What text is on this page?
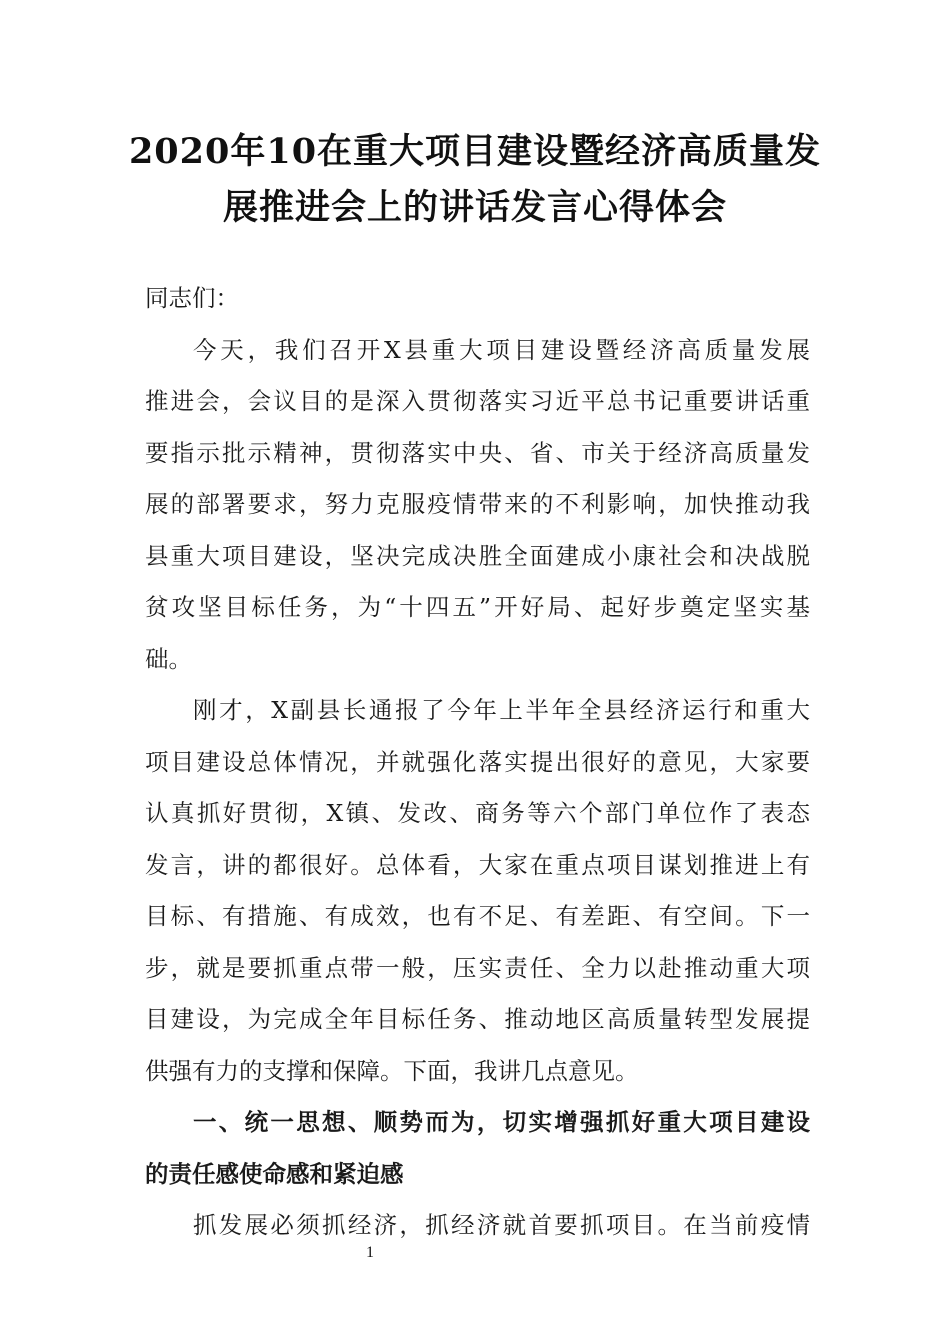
2020年10在重大项目建设暨经济高质量发
展推进会上的讲话发言心得体会
同志们：
今天，我们召开X县重大项目建设暨经济高质量发展
推进会，会议目的是深入贯彻落实习近平总书记重要讲话重
要指示批示精神，贯彻落实中央、省、市关于经济高质量发
展的部署要求，努力克服疫情带来的不利影响，加快推动我
县重大项目建设，坚决完成决胜全面建成小康社会和决战脱
贫攻坚目标任务，为“十四五”开好局、起好步奠定坚实基
础。
刚才，X副县长通报了今年上半年全县经济运行和重大
项目建设总体情况，并就强化落实提出很好的意见，大家要
认真抓好贯彻，X镇、发改、商务等六个部门单位作了表态
发言，讲的都很好。总体看，大家在重点项目谋划推进上有
目标、有措施、有成效，也有不足、有差距、有空间。下一
步，就是要抓重点带一般，压实责任、全力以赴推动重大项
目建设，为完成全年目标任务、推动地区高质量转型发展提
供强有力的支撑和保障。下面，我讲几点意见。
一、统一思想、顺势而为，切实增强抓好重大项目建设
的责任感使命感和紧迫感
抓发展必须抓经济，抓经济就首要抓项目。在当前疫情
1
